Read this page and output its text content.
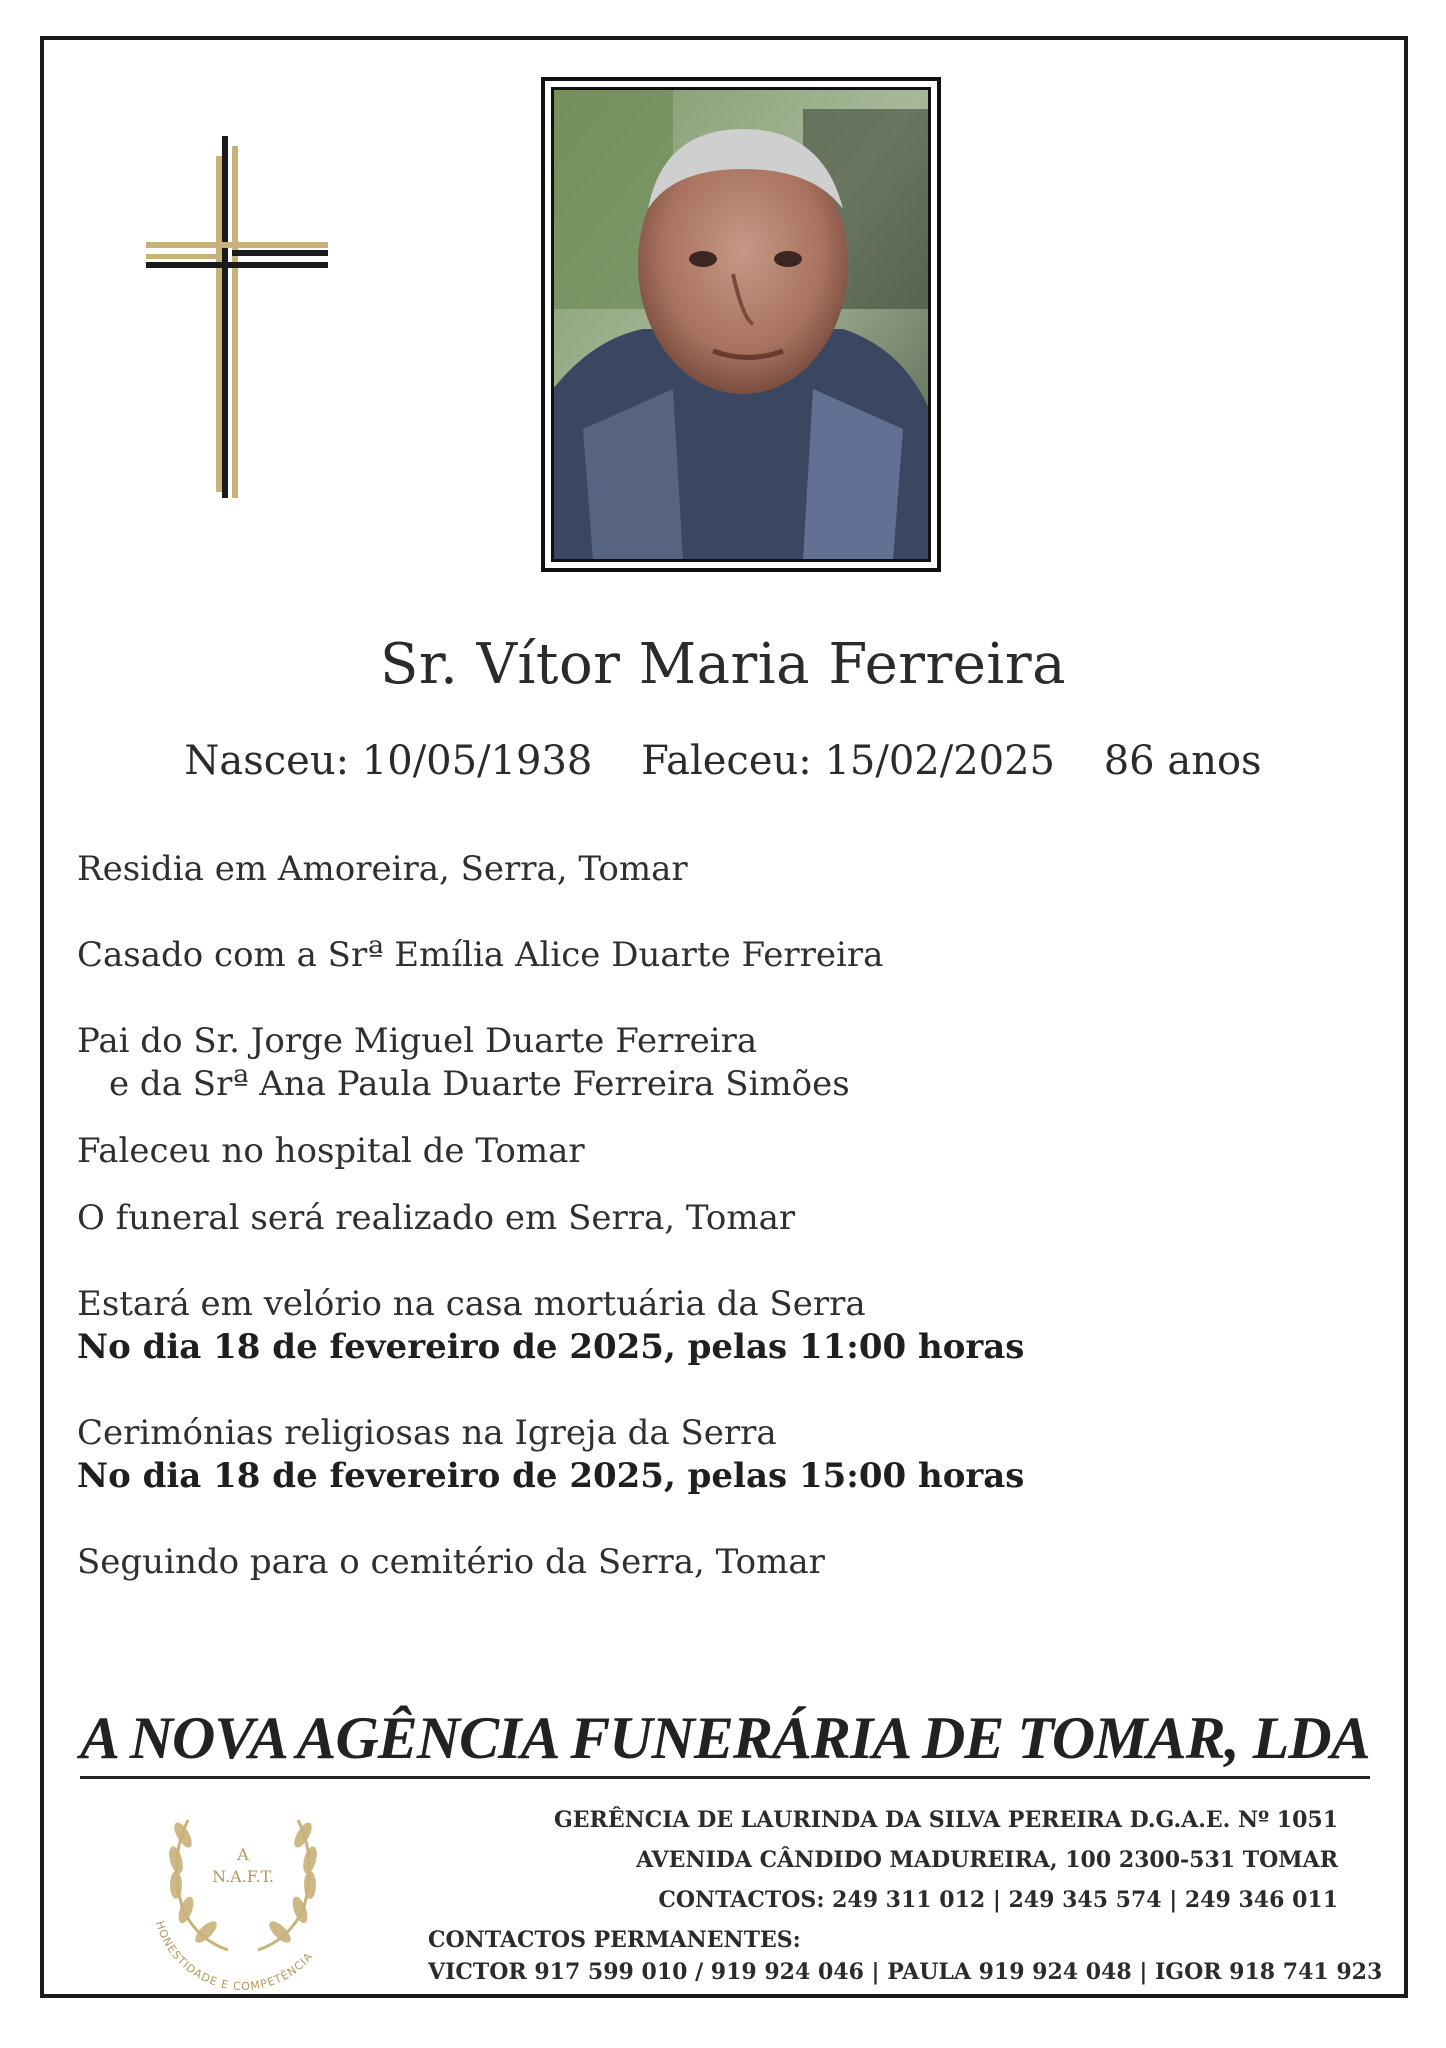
Sr. Vítor Maria Ferreira
Nasceu: 10/05/1938 Faleceu: 15/02/2025 86 anos

Residia em Amoreira, Serra, Tomar

Casado com a Srª Emília Alice Duarte Ferreira

Pai do Sr. Jorge Miguel Duarte Ferreira

e da Srª Ana Paula Duarte Ferreira Simões

Faleceu no hospital de Tomar

O funeral será realizado em Serra, Tomar

Estará em velório na casa mortuária da Serra

No dia 18 de fevereiro de 2025, pelas 11:00 horas

Cerimónias religiosas na Igreja da Serra

No dia 18 de fevereiro de 2025, pelas 15:00 horas

Seguindo para o cemitério da Serra, Tomar

A NOVA AGÊNCIA FUNERÁRIA DE TOMAR, LDA
A
N.A.F.T.
HONESTIDADE E COMPETÊNCIA

GERÊNCIA DE LAURINDA DA SILVA PEREIRA D.G.A.E. Nº 1051

AVENIDA CÂNDIDO MADUREIRA, 100 2300-531 TOMAR

CONTACTOS: 249 311 012 | 249 345 574 | 249 346 011

CONTACTOS PERMANENTES:

VICTOR 917 599 010 / 919 924 046 | PAULA 919 924 048 | IGOR 918 741 923
